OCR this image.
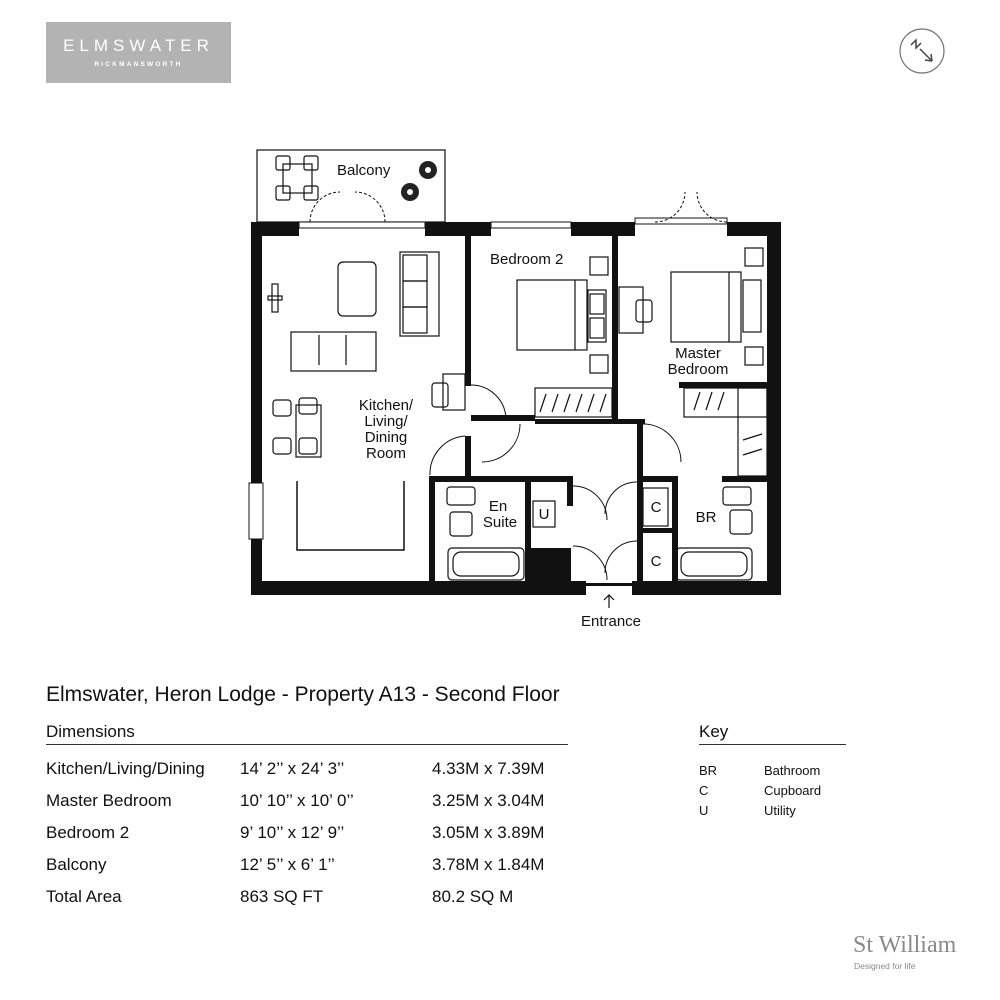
ELMSWATER
RICKMANSWORTH
Balcony
Bedroom 2
Master
Bedroom
Kitchen/
Living/
Dining
Room
En
Suite U	C
C
BR
Entrance
Elmswater, Heron Lodge - Property A13 - Second Floor
Dimensions
Kitchen/Living/Dining 14’ 2’’ x 24’ 3’’	4.33M x 7.39M
Master Bedroom	10’ 10’’ x 10’ 0’’	3.25M x 3.04M
Bedroom 2	9’ 10’’ x 12’ 9’’	3.05M x 3.89M
Balcony	12’ 5’’ x 6’ 1’’	3.78M x 1.84M
Total Area	863 SQ FT	80.2 SQ M
Key
BR	Bathroom
C	Cupboard
U	Utility
St William
Designed for life
